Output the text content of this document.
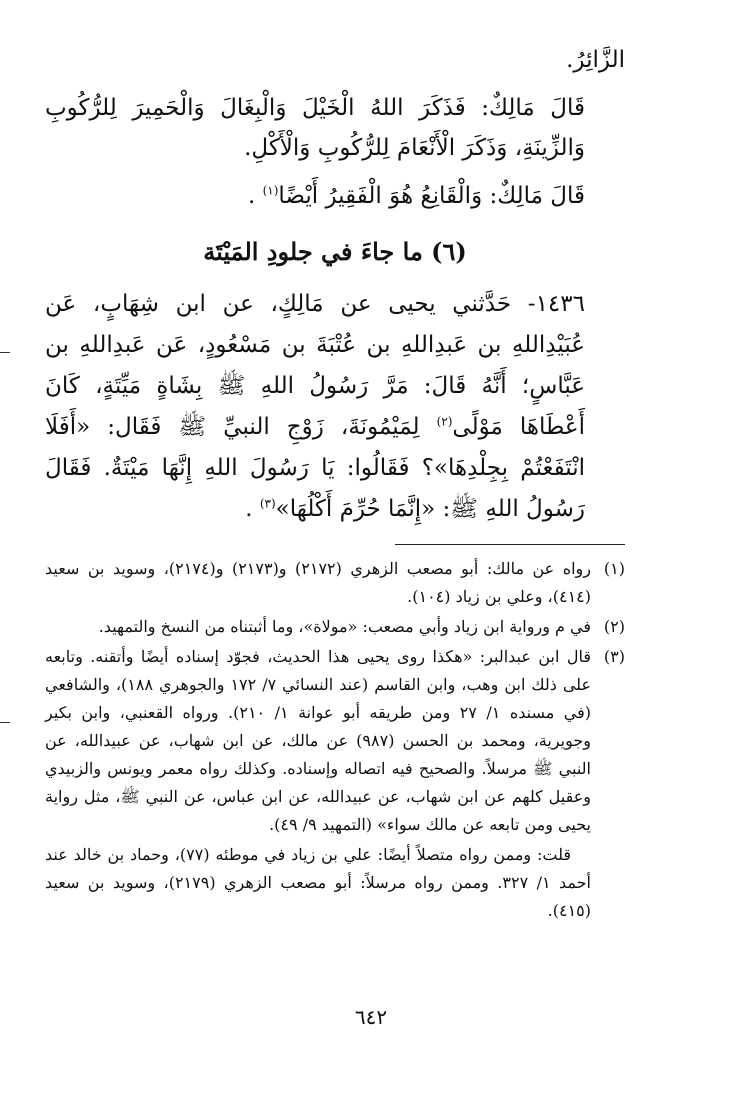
الزَّائِرُ.
قَالَ مَالِكٌ: فَذَكَرَ اللهُ الْخَيْلَ وَالْبِغَالَ وَالْحَمِيرَ لِلرُّكُوبِ وَالزِّينَةِ، وَذَكَرَ الْأَنْعَامَ لِلرُّكُوبِ وَالْأَكْلِ.
قَالَ مَالِكٌ: وَالْقَانِعُ هُوَ الْفَقِيرُ أَيْضًا$^{(١)}$ .
(٦) ما جاءَ في جلودِ المَيْتَة
١٤٣٦- حَدَّثني يحيى عن مَالِكٍ، عن ابن شِهَابٍ، عَن عُبَيْدِاللهِ بن عَبدِاللهِ بن عُتْبَةَ بن مَسْعُودٍ، عَن عَبدِاللهِ بن عَبَّاسٍ؛ أَنَّهُ قَالَ: مَرَّ رَسُولُ اللهِ ﷺ بِشَاةٍ مَيِّتَةٍ، كَانَ أَعْطَاهَا مَوْلًى$^{(٢)}$ لِمَيْمُونَةَ، زَوْجِ النبيِّ ﷺ فَقَال: «أَفَلَا انْتَفَعْتُمْ بِجِلْدِهَا»؟ فَقَالُوا: يَا رَسُولَ اللهِ إِنَّهَا مَيْتَةٌ. فَقَالَ رَسُولُ اللهِ ﷺ: «إِنَّمَا حُرِّمَ أَكْلُهَا»$^{(٣)}$ .
(١)
رواه عن مالك: أبو مصعب الزهري (٢١٧٢) و(٢١٧٣) و(٢١٧٤)، وسويد بن سعيد (٤١٤)، وعلي بن زياد (١٠٤).
(٢)
في م ورواية ابن زياد وأبي مصعب: «مولاة»، وما أثبتناه من النسخ والتمهيد.
(٣)
قال ابن عبدالبر: «هكذا روى يحيى هذا الحديث، فجوّد إسناده أيضًا وأتقنه. وتابعه على ذلك ابن وهب، وابن القاسم (عند النسائي ٧/ ١٧٢ والجوهري ١٨٨)، والشافعي (في مسنده ١/ ٢٧ ومن طريقه أبو عوانة ١/ ٢١٠). ورواه القعنبي، وابن بكير وجويرية، ومحمد بن الحسن (٩٨٧) عن مالك، عن ابن شهاب، عن عبيدالله، عن النبي ﷺ مرسلاً. والصحيح فيه اتصاله وإسناده. وكذلك رواه معمر ويونس والزبيدي وعقيل كلهم عن ابن شهاب، عن عبيدالله، عن ابن عباس، عن النبي ﷺ، مثل رواية يحيى ومن تابعه عن مالك سواء» (التمهيد ٩/ ٤٩).
قلت: وممن رواه متصلاً أيضًا: علي بن زياد في موطئه (٧٧)، وحماد بن خالد عند أحمد ١/ ٣٢٧. وممن رواه مرسلاً: أبو مصعب الزهري (٢١٧٩)، وسويد بن سعيد (٤١٥).
٦٤٢
